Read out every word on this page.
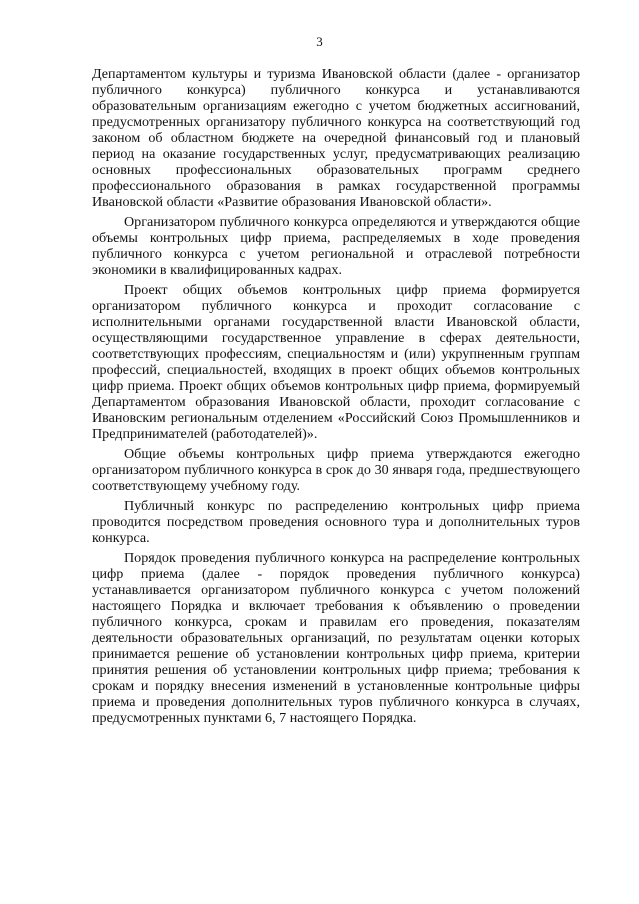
3

Департаментом культуры и туризма Ивановской области (далее - организатор публичного конкурса) публичного конкурса и устанавливаются образовательным организациям ежегодно с учетом бюджетных ассигнований, предусмотренных организатору публичного конкурса на соответствующий год законом об областном бюджете на очередной финансовый год и плановый период на оказание государственных услуг, предусматривающих реализацию основных профессиональных образовательных программ среднего профессионального образования в рамках государственной программы Ивановской области «Развитие образования Ивановской области».

Организатором публичного конкурса определяются и утверждаются общие объемы контрольных цифр приема, распределяемых в ходе проведения публичного конкурса с учетом региональной и отраслевой потребности экономики в квалифицированных кадрах.

Проект общих объемов контрольных цифр приема формируется организатором публичного конкурса и проходит согласование с исполнительными органами государственной власти Ивановской области, осуществляющими государственное управление в сферах деятельности, соответствующих профессиям, специальностям и (или) укрупненным группам профессий, специальностей, входящих в проект общих объемов контрольных цифр приема. Проект общих объемов контрольных цифр приема, формируемый Департаментом образования Ивановской области, проходит согласование с Ивановским региональным отделением «Российский Союз Промышленников и Предпринимателей (работодателей)».

Общие объемы контрольных цифр приема утверждаются ежегодно организатором публичного конкурса в срок до 30 января года, предшествующего соответствующему учебному году.

Публичный конкурс по распределению контрольных цифр приема проводится посредством проведения основного тура и дополнительных туров конкурса.

Порядок проведения публичного конкурса на распределение контрольных цифр приема (далее - порядок проведения публичного конкурса) устанавливается организатором публичного конкурса с учетом положений настоящего Порядка и включает требования к объявлению о проведении публичного конкурса, срокам и правилам его проведения, показателям деятельности образовательных организаций, по результатам оценки которых принимается решение об установлении контрольных цифр приема, критерии принятия решения об установлении контрольных цифр приема; требования к срокам и порядку внесения изменений в установленные контрольные цифры приема и проведения дополнительных туров публичного конкурса в случаях, предусмотренных пунктами 6, 7 настоящего Порядка.
